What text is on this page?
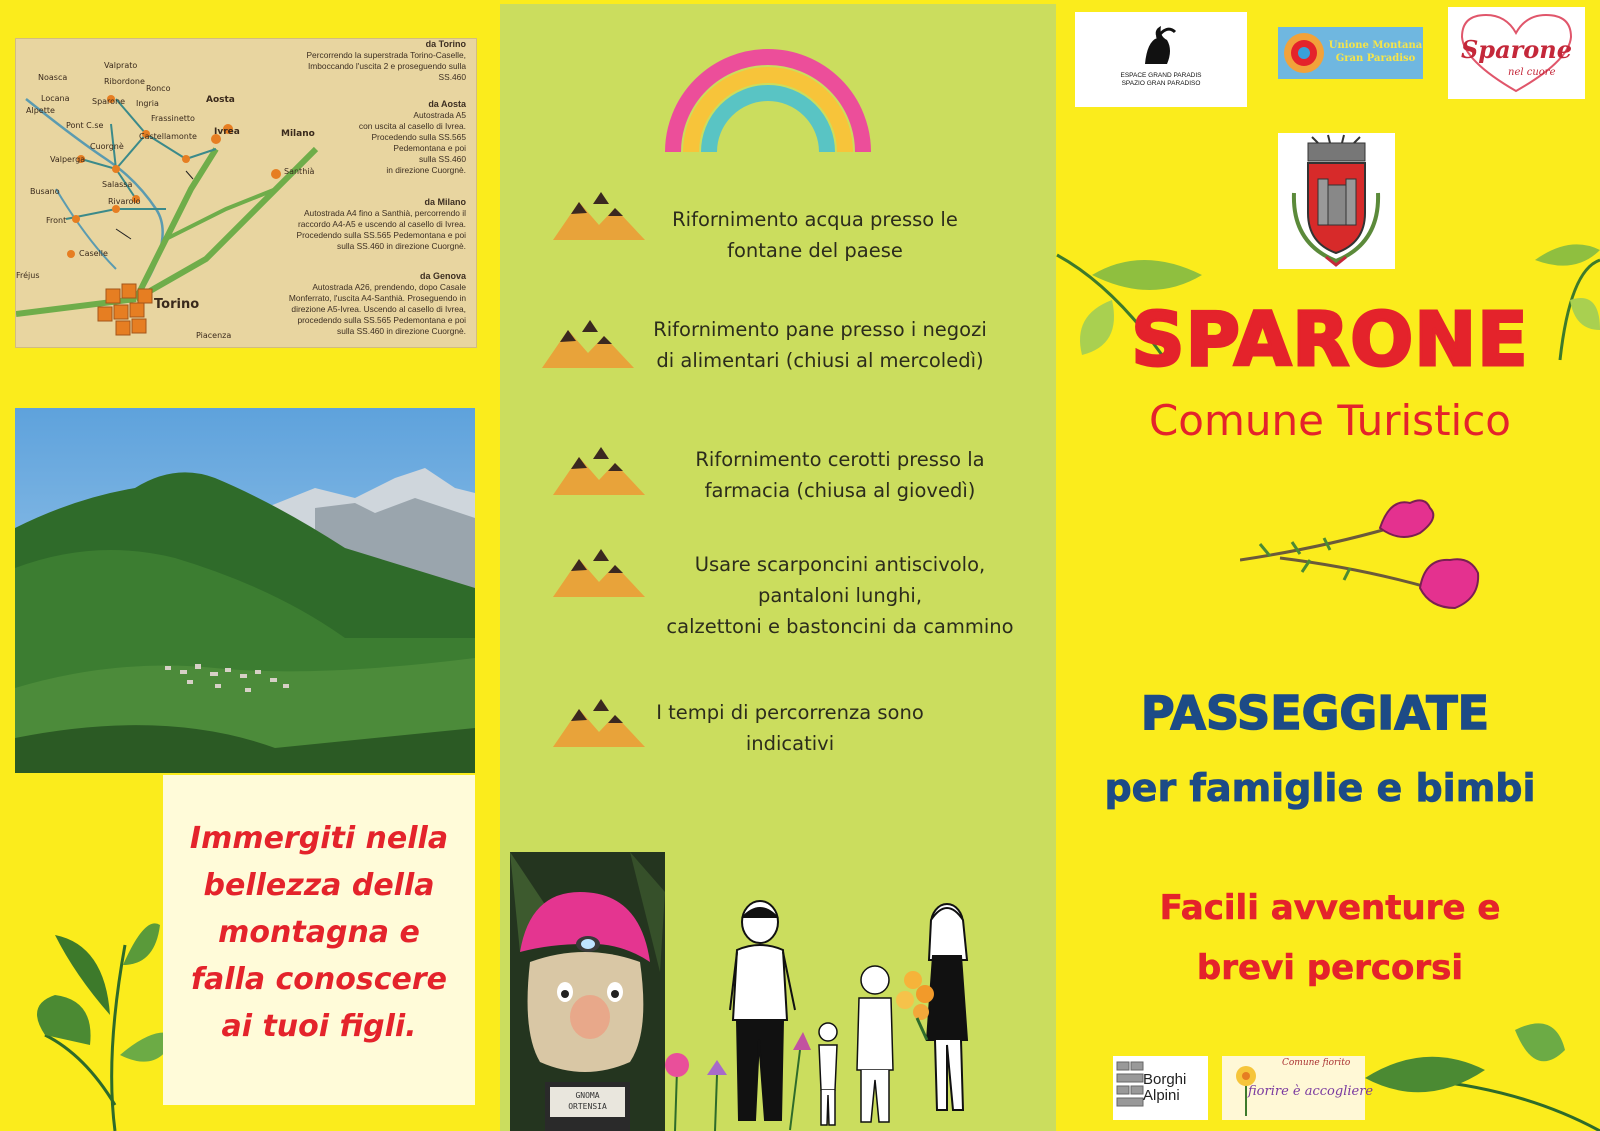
Valprato
Noasca
Locana
Alpette
Ribordone
Ronco
Sparone Ingria
Pont C.se
Frassinetto
Castellamonte
Cuorgnè
Valperga
Busano
Salassa
Rivarolo
Front
Caselle
Torino
Aosta
Ivrea	Milano
Santhià
Fréjus
Piacenza
da Torino
Percorrendo la superstrada Torino-Caselle,
Imboccando l'uscita 2 e proseguendo sulla
SS.460
da Aosta
Autostrada A5
con uscita al casello di Ivrea.
Procedendo sulla SS.565
Pedemontana e poi
sulla SS.460
in direzione Cuorgnè.
da Milano
Autostrada A4 fino a Santhià, percorrendo il
raccordo A4-A5 e uscendo al casello di Ivrea.
Procedendo sulla SS.565 Pedemontana e poi
sulla SS.460 in direzione Cuorgnè.
da Genova
Autostrada A26, prendendo, dopo Casale
Monferrato, l'uscita A4-Santhià. Proseguendo in
direzione A5-Ivrea. Uscendo al casello di Ivrea,
procedendo sulla SS.565 Pedemontana e poi
sulla SS.460 in direzione Cuorgnè.
Immergiti nella
bellezza della
montagna e
falla conoscere
ai tuoi figli.
Rifornimento acqua presso le
fontane del paese
Rifornimento pane presso i negozi
di alimentari (chiusi al mercoledì)
Rifornimento cerotti presso la
farmacia (chiusa al giovedì)
Usare scarponcini antiscivolo,
pantaloni lunghi,
calzettoni e bastoncini da cammino
I tempi di percorrenza sono
indicativi
GNOMA
ORTENSIA
ESPACE GRAND PARADIS
SPAZIO GRAN PARADISO
Unione Montana
Gran Paradiso	Sparone
nel cuore
SPARONE
Comune Turistico
PASSEGGIATE
per famiglie e bimbi
Facili avventure e
brevi percorsi
Borghi
Alpini
Comune fiorito
fiorire è accogliere
